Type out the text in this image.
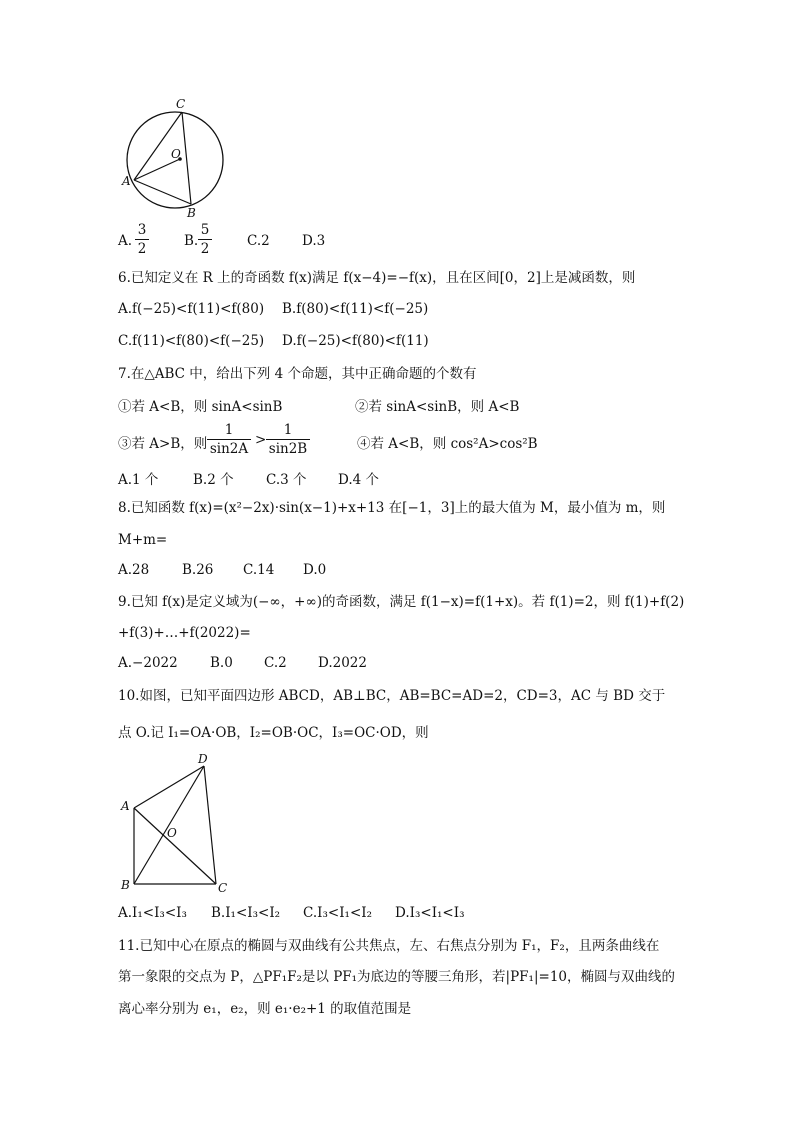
C
O
A
B
A.
3
2	B.
5
2	C.2 D.3
6.已知定义在 R 上的奇函数 f(x)满足 f(x−4)=−f(x)，且在区间[0，2]上是减函数，则
A.f(−25)<f(11)<f(80) B.f(80)<f(11)<f(−25)
C.f(11)<f(80)<f(−25) D.f(−25)<f(80)<f(11)
7.在△ABC 中，给出下列 4 个命题，其中正确命题的个数有
①若 A<B，则 sinA<sinB	②若 sinA<sinB，则 A<B
③若 A>B，则
1
sin2A
>
1
sin2B	④若 A<B，则 cos²A>cos²B
A.1 个	B.2 个 C.3 个 D.4 个
8.已知函数 f(x)=(x²−2x)·sin(x−1)+x+13 在[−1，3]上的最大值为 M，最小值为 m，则
M+m=
A.28 B.26 C.14 D.0
9.已知 f(x)是定义域为(−∞，+∞)的奇函数，满足 f(1−x)=f(1+x)。若 f(1)=2，则 f(1)+f(2)
+f(3)+…+f(2022)=
A.−2022 B.0 C.2 D.2022
10.如图，已知平面四边形 ABCD，AB⊥BC，AB=BC=AD=2，CD=3，AC 与 BD 交于
点 O.记 I₁=OA·OB，I₂=OB·OC，I₃=OC·OD，则
D
A
O
B	C
A.I₁<I₃<I₃ B.I₁<I₃<I₂ C.I₃<I₁<I₂ D.I₃<I₁<I₃
11.已知中心在原点的椭圆与双曲线有公共焦点，左、右焦点分别为 F₁，F₂，且两条曲线在
第一象限的交点为 P，△PF₁F₂是以 PF₁为底边的等腰三角形，若|PF₁|=10，椭圆与双曲线的
离心率分别为 e₁，e₂，则 e₁·e₂+1 的取值范围是
